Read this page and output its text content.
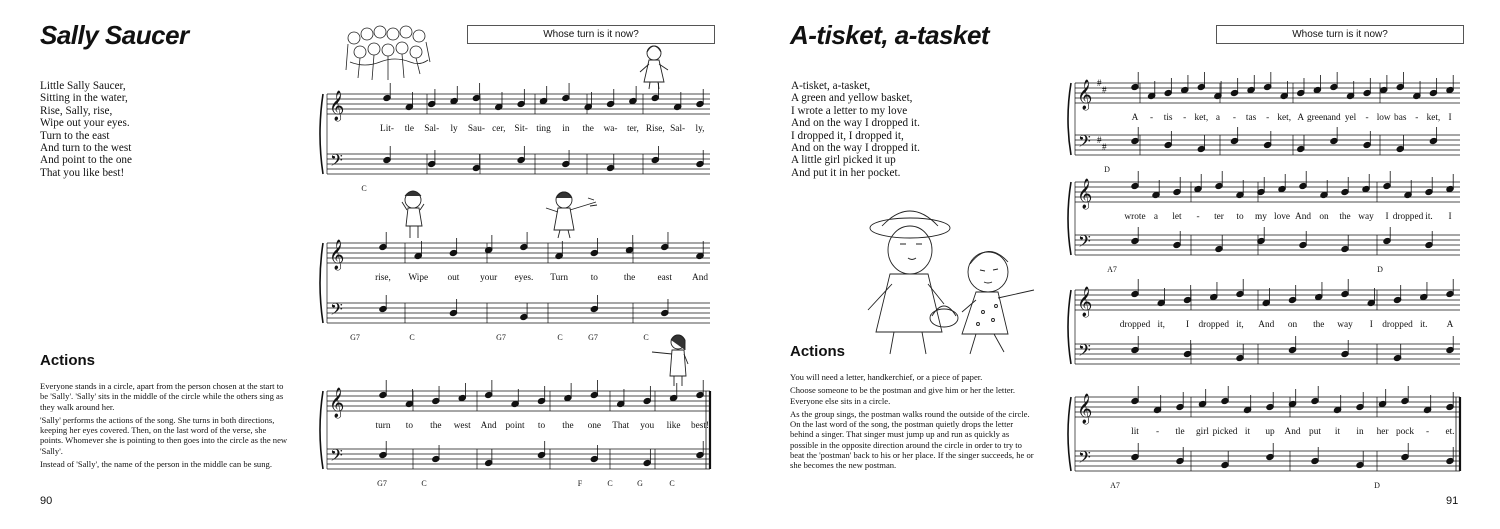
Sally Saucer	Whose turn is it now?
Little Sally Saucer,
Sitting in the water,
Rise, Sally, rise,
Wipe out your eyes.
Turn to the east
And turn to the west
And point to the one
That you like best!
Actions

Everyone stands in a circle, apart from the person chosen at the start to be 'Sally'. 'Sally' sits in the middle of the circle while the others sing as they walk around her.

'Sally' performs the actions of the song. She turns in both directions, keeping her eyes covered. Then, on the last word of the verse, she points. Whomever she is pointing to then goes into the circle as the new 'Sally'.

Instead of 'Sally', the name of the person in the middle can be sung.

90
𝄞
𝄢
Lit- tle Sal- ly Sau- cer, Sit- ting in the wa- ter, Rise, Sal- ly,
C
𝄞
𝄢
rise, Wipe out your eyes. Turn to	the east And
G7	C	G7	C	G7	C
𝄞
𝄢
turn to the west And point to the one That you like best!
G7	C	F	C	G	C
A-tisket, a-tasket	Whose turn is it now?
A-tisket, a-tasket,
A green and yellow basket,
I wrote a letter to my love
And on the way I dropped it.
I dropped it, I dropped it,
And on the way I dropped it.
A little girl picked it up
And put it in her pocket.
Actions

You will need a letter, handkerchief, or a piece of paper.

Choose someone to be the postman and give him or her the letter. Everyone else sits in a circle.

As the group sings, the postman walks round the outside of the circle. On the last word of the song, the postman quietly drops the letter behind a singer. That singer must jump up and run as quickly as possible in the opposite direction around the circle in order to try to beat the 'postman' back to his or her place. If the singer succeeds, he or she becomes the new postman.

91
𝄞
𝄢
#
#
#
#
A - tis - ket, a - tas - ket, A green and yel - low bas - ket, I
D
𝄞
𝄢
wrote a let - ter to my love And on the way I dropped it. I
A7	D
𝄞
𝄢
dropped it, I dropped it, And on the way I dropped it. A
𝄞
𝄢
lit - tle girl picked it up And put it in her pock - et.
A7	D
